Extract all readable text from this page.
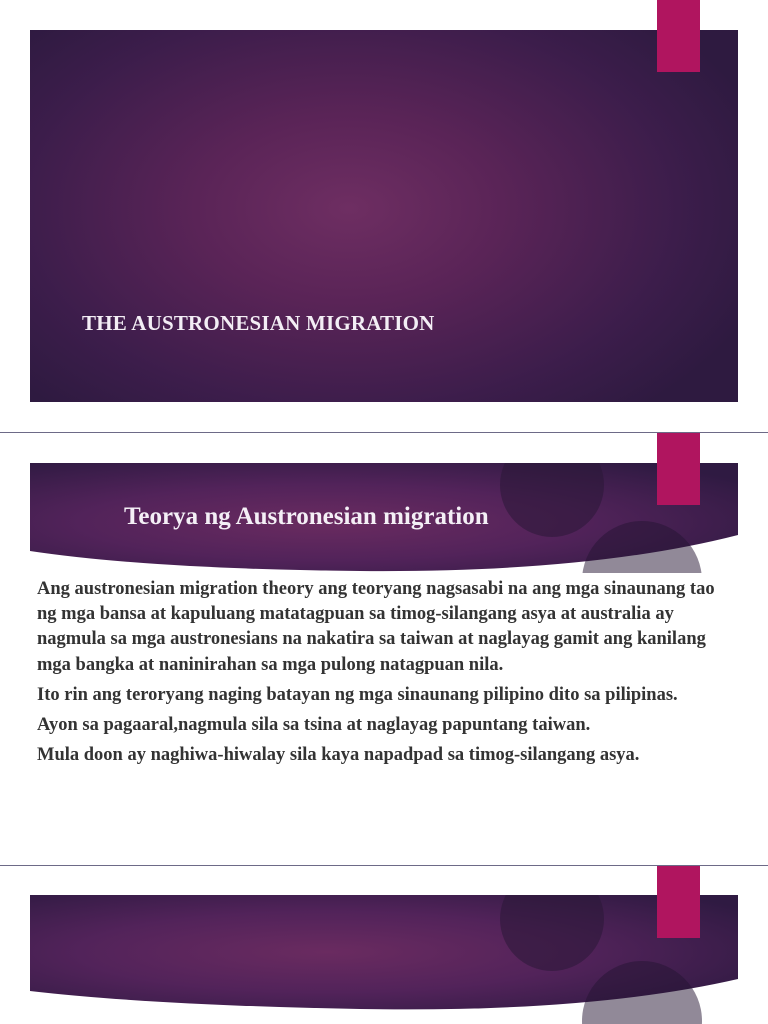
THE AUSTRONESIAN MIGRATION
Teorya ng Austronesian migration

Ang austronesian migration theory ang teoryang nagsasabi na ang mga sinaunang tao ng mga bansa at kapuluang matatagpuan sa timog-silangang asya at australia ay nagmula sa mga austronesians na nakatira sa taiwan at naglayag gamit ang kanilang mga bangka at naninirahan sa mga pulong natagpuan nila.

Ito rin ang teroryang naging batayan ng mga sinaunang pilipino dito sa pilipinas.

Ayon sa pagaaral,nagmula sila sa tsina at naglayag papuntang taiwan.

Mula doon ay naghiwa-hiwalay sila kaya napadpad sa timog-silangang asya.
